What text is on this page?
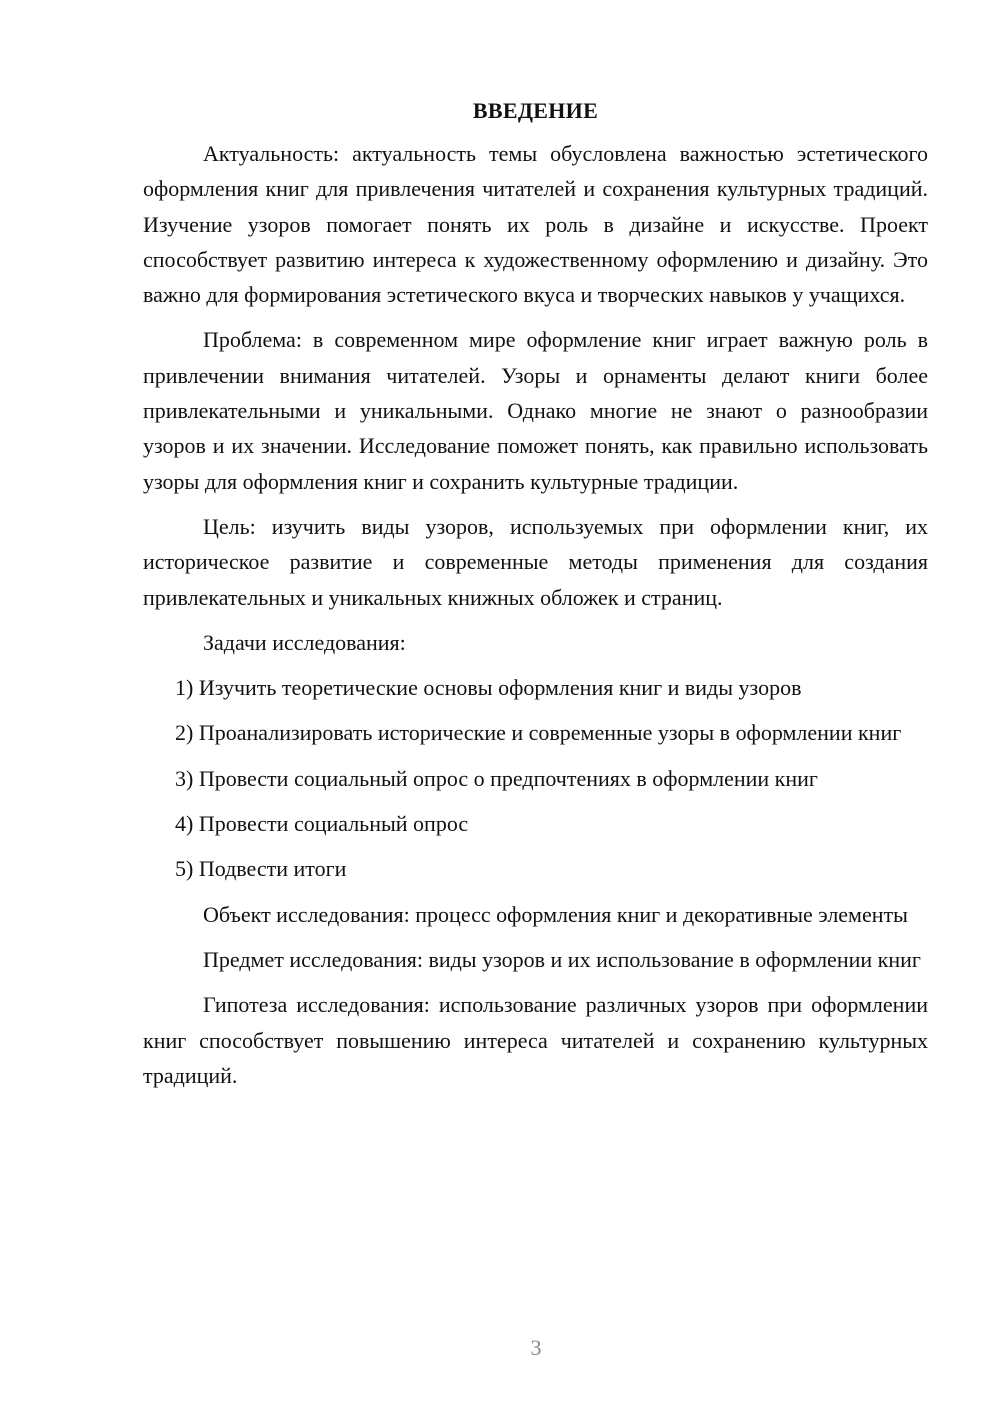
ВВЕДЕНИЕ

Актуальность: актуальность темы обусловлена важностью эстетического оформления книг для привлечения читателей и сохранения культурных традиций. Изучение узоров помогает понять их роль в дизайне и искусстве. Проект способствует развитию интереса к художественному оформлению и дизайну. Это важно для формирования эстетического вкуса и творческих навыков у учащихся.

Проблема: в современном мире оформление книг играет важную роль в привлечении внимания читателей. Узоры и орнаменты делают книги более привлекательными и уникальными. Однако многие не знают о разнообразии узоров и их значении. Исследование поможет понять, как правильно использовать узоры для оформления книг и сохранить культурные традиции.

Цель: изучить виды узоров, используемых при оформлении книг, их историческое развитие и современные методы применения для создания привлекательных и уникальных книжных обложек и страниц.

Задачи исследования:

1) Изучить теоретические основы оформления книг и виды узоров
2) Проанализировать исторические и современные узоры в оформлении книг
3) Провести социальный опрос о предпочтениях в оформлении книг
4) Провести социальный опрос
5) Подвести итоги

Объект исследования: процесс оформления книг и декоративные элементы

Предмет исследования: виды узоров и их использование в оформлении книг

Гипотеза исследования: использование различных узоров при оформлении книг способствует повышению интереса читателей и сохранению культурных традиций.

3
